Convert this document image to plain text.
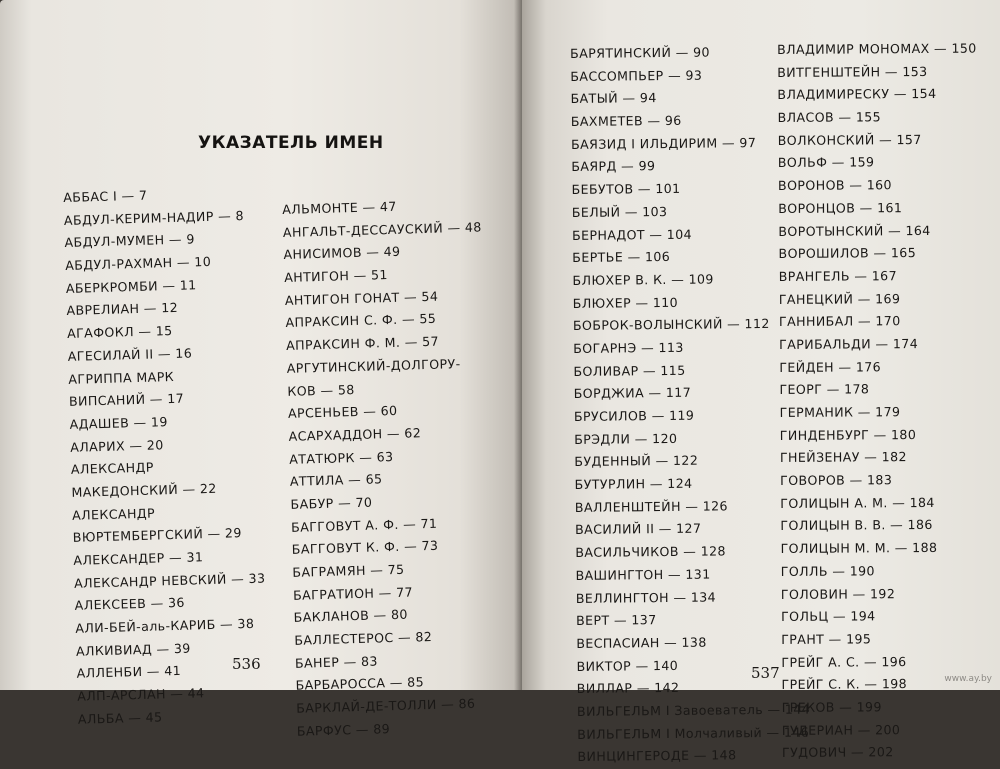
УКАЗАТЕЛЬ ИМЕН
АББАС I — 7
АБДУЛ-КЕРИМ-НАДИР — 8
АБДУЛ-МУМЕН — 9
АБДУЛ-РАХМАН — 10
АБЕРКРОМБИ — 11
АВРЕЛИАН — 12
АГАФОКЛ — 15
АГЕСИЛАЙ II — 16
АГРИППА МАРК
ВИПСАНИЙ — 17
АДАШЕВ — 19
АЛАРИХ — 20
АЛЕКСАНДР
МАКЕДОНСКИЙ — 22
АЛЕКСАНДР
ВЮРТЕМБЕРГСКИЙ — 29
АЛЕКСАНДЕР — 31
АЛЕКСАНДР НЕВСКИЙ — 33
АЛЕКСЕЕВ — 36
АЛИ-БЕЙ-аль-КАРИБ — 38
АЛКИВИАД — 39
АЛЛЕНБИ — 41
АЛП-АРСЛАН — 44
АЛЬБА — 45
АЛЬМОНТЕ — 47
АНГАЛЬТ-ДЕССАУСКИЙ — 48
АНИСИМОВ — 49
АНТИГОН — 51
АНТИГОН ГОНАТ — 54
АПРАКСИН С. Ф. — 55
АПРАКСИН Ф. М. — 57
АРГУТИНСКИЙ-ДОЛГОРУ-
КОВ — 58
АРСЕНЬЕВ — 60
АСАРХАДДОН — 62
АТАТЮРК — 63
АТТИЛА — 65
БАБУР — 70
БАГГОВУТ А. Ф. — 71
БАГГОВУТ К. Ф. — 73
БАГРАМЯН — 75
БАГРАТИОН — 77
БАКЛАНОВ — 80
БАЛЛЕСТЕРОС — 82
БАНЕР — 83
БАРБАРОССА — 85
БАРКЛАЙ-ДЕ-ТОЛЛИ — 86
БАРФУС — 89
536
БАРЯТИНСКИЙ — 90
БАССОМПЬЕР — 93
БАТЫЙ — 94
БАХМЕТЕВ — 96
БАЯЗИД I ИЛЬДИРИМ — 97
БАЯРД — 99
БЕБУТОВ — 101
БЕЛЫЙ — 103
БЕРНАДОТ — 104
БЕРТЬЕ — 106
БЛЮХЕР В. К. — 109
БЛЮХЕР — 110
БОБРОК-ВОЛЫНСКИЙ — 112
БОГАРНЭ — 113
БОЛИВАР — 115
БОРДЖИА — 117
БРУСИЛОВ — 119
БРЭДЛИ — 120
БУДЕННЫЙ — 122
БУТУРЛИН — 124
ВАЛЛЕНШТЕЙН — 126
ВАСИЛИЙ II — 127
ВАСИЛЬЧИКОВ — 128
ВАШИНГТОН — 131
ВЕЛЛИНГТОН — 134
ВЕРТ — 137
ВЕСПАСИАН — 138
ВИКТОР — 140
ВИЛЛАР — 142
ВИЛЬГЕЛЬМ I Завоеватель — 144
ВИЛЬГЕЛЬМ I Молчаливый — 146
ВИНЦИНГЕРОДЕ — 148
ВЛАДИМИР МОНОМАХ — 150
ВИТГЕНШТЕЙН — 153
ВЛАДИМИРЕСКУ — 154
ВЛАСОВ — 155
ВОЛКОНСКИЙ — 157
ВОЛЬФ — 159
ВОРОНОВ — 160
ВОРОНЦОВ — 161
ВОРОТЫНСКИЙ — 164
ВОРОШИЛОВ — 165
ВРАНГЕЛЬ — 167
ГАНЕЦКИЙ — 169
ГАННИБАЛ — 170
ГАРИБАЛЬДИ — 174
ГЕЙДЕН — 176
ГЕОРГ — 178
ГЕРМАНИК — 179
ГИНДЕНБУРГ — 180
ГНЕЙЗЕНАУ — 182
ГОВОРОВ — 183
ГОЛИЦЫН А. М. — 184
ГОЛИЦЫН В. В. — 186
ГОЛИЦЫН М. М. — 188
ГОЛЛЬ — 190
ГОЛОВИН — 192
ГОЛЬЦ — 194
ГРАНТ — 195
ГРЕЙГ А. С. — 196
ГРЕЙГ С. К. — 198
ГРЕКОВ — 199
ГУДЕРИАН — 200
ГУДОВИЧ — 202
537	www.ay.by
